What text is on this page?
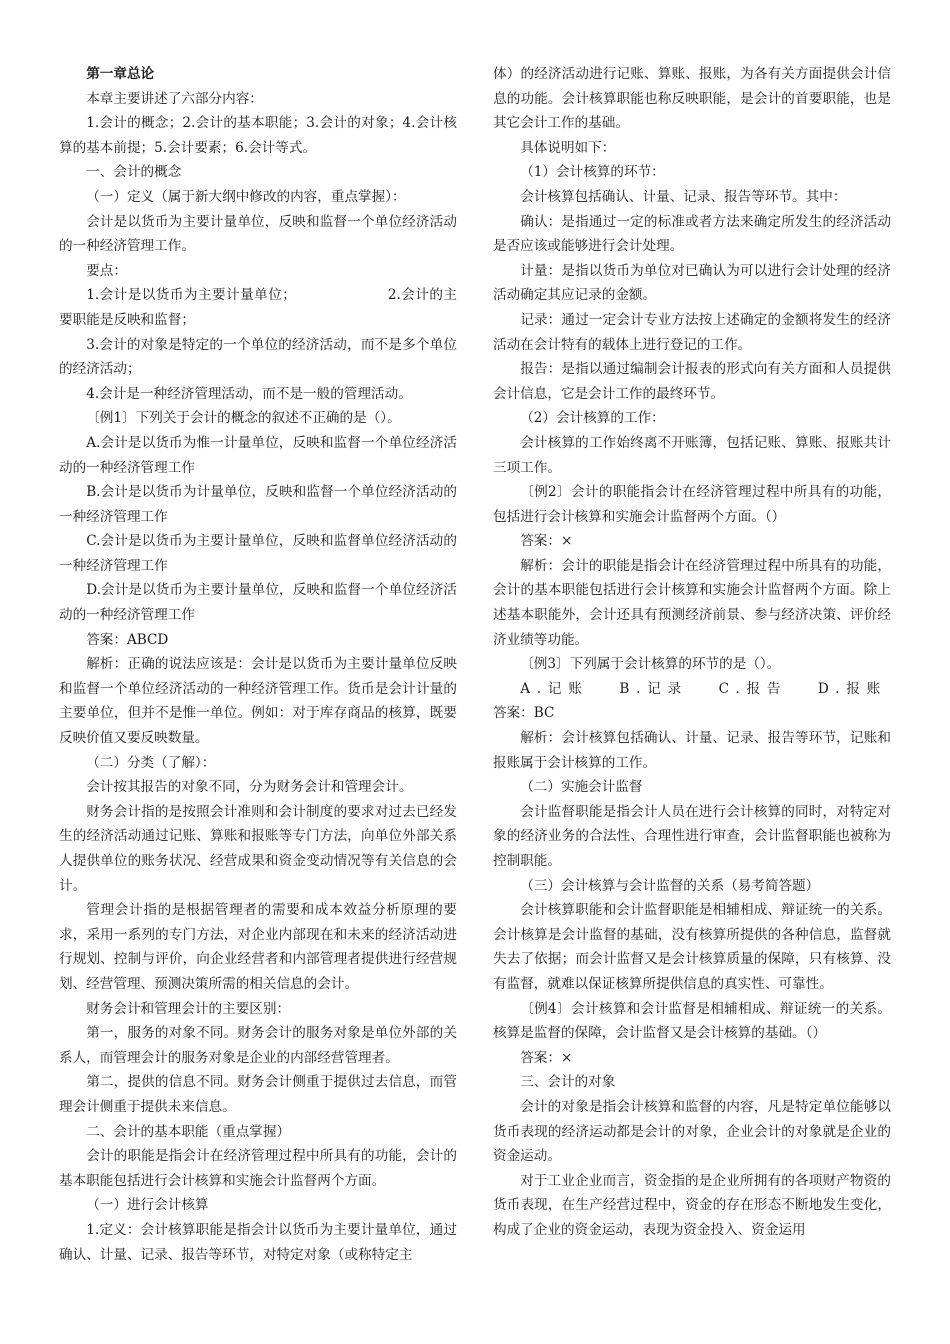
第一章总论

本章主要讲述了六部分内容：

1.会计的概念；2.会计的基本职能；3.会计的对象；4.会计核算的基本前提；5.会计要素；6.会计等式。

一、会计的概念

（一）定义（属于新大纲中修改的内容，重点掌握）：

会计是以货币为主要计量单位，反映和监督一个单位经济活动的一种经济管理工作。

要点：

1.会计是以货币为主要计量单位；　　　　　　　2.会计的主要职能是反映和监督；

3.会计的对象是特定的一个单位的经济活动，而不是多个单位的经济活动；

4.会计是一种经济管理活动，而不是一般的管理活动。

〔例1〕下列关于会计的概念的叙述不正确的是（）。

A.会计是以货币为惟一计量单位，反映和监督一个单位经济活动的一种经济管理工作

B.会计是以货币为计量单位，反映和监督一个单位经济活动的一种经济管理工作

C.会计是以货币为主要计量单位，反映和监督单位经济活动的一种经济管理工作

D.会计是以货币为主要计量单位，反映和监督一个单位经济活动的一种经济管理工作

答案：ABCD

解析：正确的说法应该是：会计是以货币为主要计量单位反映和监督一个单位经济活动的一种经济管理工作。货币是会计计量的主要单位，但并不是惟一单位。例如：对于库存商品的核算，既要反映价值又要反映数量。

（二）分类（了解）：

会计按其报告的对象不同，分为财务会计和管理会计。

财务会计指的是按照会计准则和会计制度的要求对过去已经发生的经济活动通过记账、算账和报账等专门方法，向单位外部关系人提供单位的账务状况、经营成果和资金变动情况等有关信息的会计。

管理会计指的是根据管理者的需要和成本效益分析原理的要求，采用一系列的专门方法，对企业内部现在和未来的经济活动进行规划、控制与评价，向企业经营者和内部管理者提供进行经营规划、经营管理、预测决策所需的相关信息的会计。

财务会计和管理会计的主要区别：

第一，服务的对象不同。财务会计的服务对象是单位外部的关系人，而管理会计的服务对象是企业的内部经营管理者。

第二，提供的信息不同。财务会计侧重于提供过去信息，而管理会计侧重于提供未来信息。

二、会计的基本职能（重点掌握）

会计的职能是指会计在经济管理过程中所具有的功能，会计的基本职能包括进行会计核算和实施会计监督两个方面。

（一）进行会计核算

1.定义：会计核算职能是指会计以货币为主要计量单位，通过确认、计量、记录、报告等环节，对特定对象（或称特定主

体）的经济活动进行记账、算账、报账，为各有关方面提供会计信息的功能。会计核算职能也称反映职能，是会计的首要职能，也是其它会计工作的基础。

具体说明如下：

（1）会计核算的环节：

会计核算包括确认、计量、记录、报告等环节。其中：

确认：是指通过一定的标准或者方法来确定所发生的经济活动是否应该或能够进行会计处理。

计量：是指以货币为单位对已确认为可以进行会计处理的经济活动确定其应记录的金额。

记录：通过一定会计专业方法按上述确定的金额将发生的经济活动在会计特有的载体上进行登记的工作。

报告：是指以通过编制会计报表的形式向有关方面和人员提供会计信息，它是会计工作的最终环节。

（2）会计核算的工作：

会计核算的工作始终离不开账簿，包括记账、算账、报账共计三项工作。

〔例2〕会计的职能指会计在经济管理过程中所具有的功能，包括进行会计核算和实施会计监督两个方面。（）

答案：×

解析：会计的职能是指会计在经济管理过程中所具有的功能，会计的基本职能包括进行会计核算和实施会计监督两个方面。除上述基本职能外，会计还具有预测经济前景、参与经济决策、评价经济业绩等功能。

〔例3〕下列属于会计核算的环节的是（）。

A.记账 B.记录 C.报告 D.报账

答案：BC

解析：会计核算包括确认、计量、记录、报告等环节，记账和报账属于会计核算的工作。

（二）实施会计监督

会计监督职能是指会计人员在进行会计核算的同时，对特定对象的经济业务的合法性、合理性进行审查，会计监督职能也被称为控制职能。

（三）会计核算与会计监督的关系（易考简答题）

会计核算职能和会计监督职能是相辅相成、辩证统一的关系。会计核算是会计监督的基础，没有核算所提供的各种信息，监督就失去了依据；而会计监督又是会计核算质量的保障，只有核算、没有监督，就难以保证核算所提供信息的真实性、可靠性。

〔例4〕会计核算和会计监督是相辅相成、辩证统一的关系。核算是监督的保障，会计监督又是会计核算的基础。（）

答案：×

三、会计的对象

会计的对象是指会计核算和监督的内容，凡是特定单位能够以货币表现的经济运动都是会计的对象，企业会计的对象就是企业的资金运动。

对于工业企业而言，资金指的是企业所拥有的各项财产物资的货币表现，在生产经营过程中，资金的存在形态不断地发生变化，构成了企业的资金运动，表现为资金投入、资金运用
